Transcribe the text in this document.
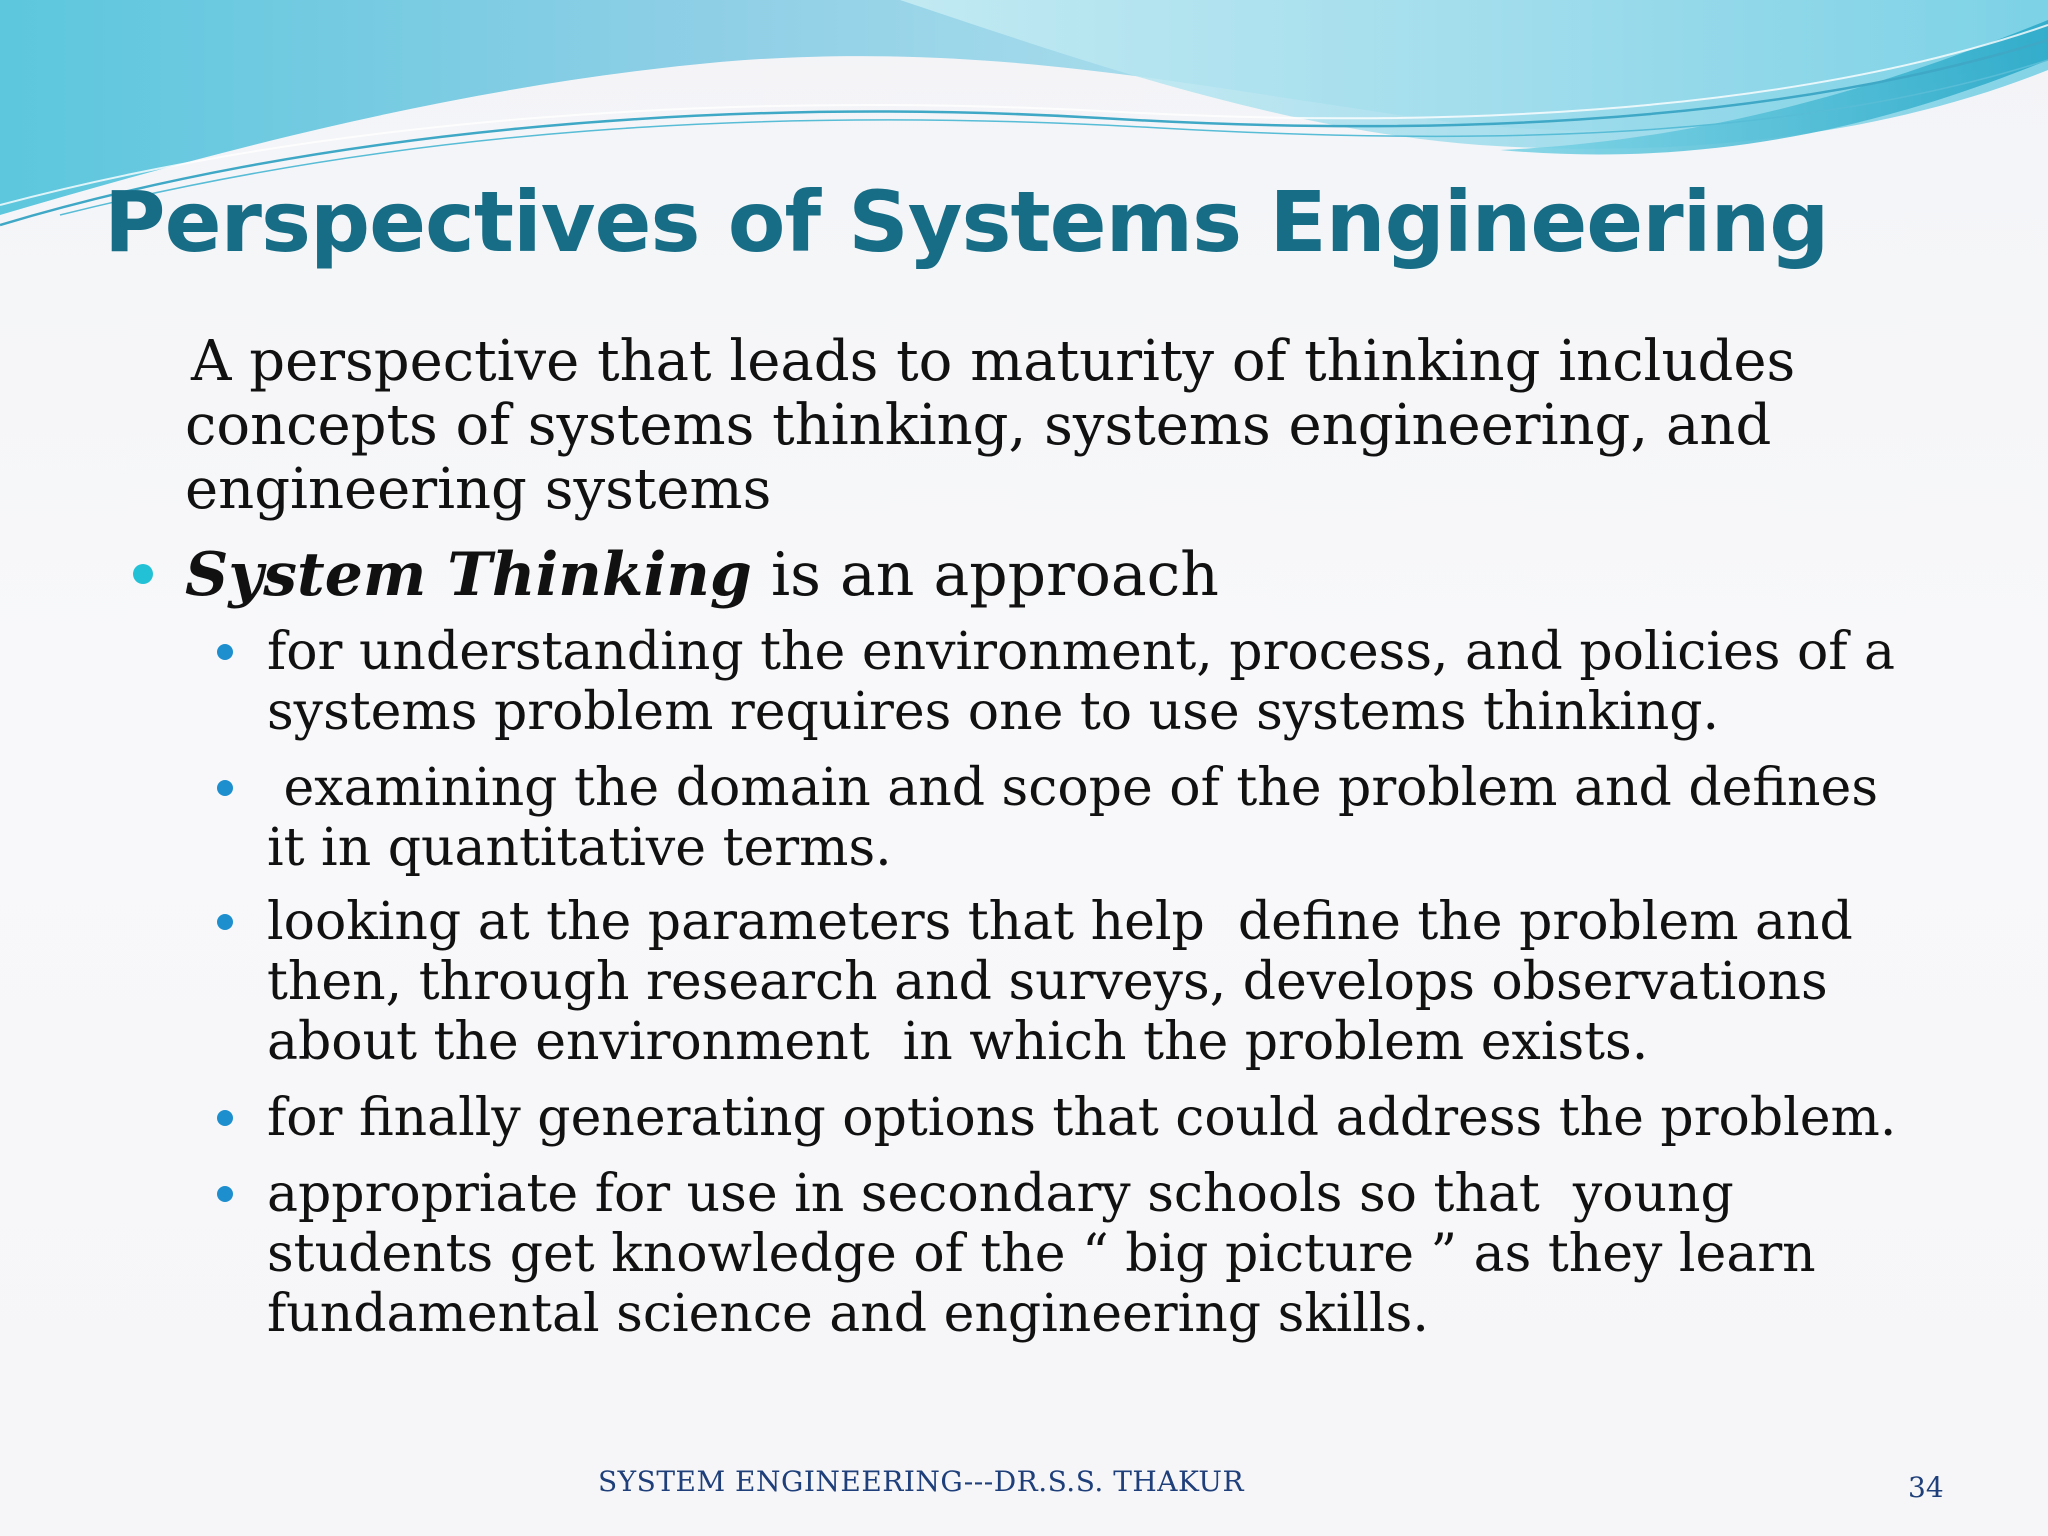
Perspectives of Systems Engineering

A perspective that leads to maturity of thinking includes
concepts of systems thinking, systems engineering, and
engineering systems

System Thinking is an approach

for understanding the environment, process, and policies of a
systems problem requires one to use systems thinking.

examining the domain and scope of the problem and defines
it in quantitative terms.

looking at the parameters that help  define the problem and
then, through research and surveys, develops observations
about the environment  in which the problem exists.

for finally generating options that could address the problem.

appropriate for use in secondary schools so that  young
students get knowledge of the “ big picture ” as they learn
fundamental science and engineering skills.

SYSTEM ENGINEERING---DR.S.S. THAKUR	34
